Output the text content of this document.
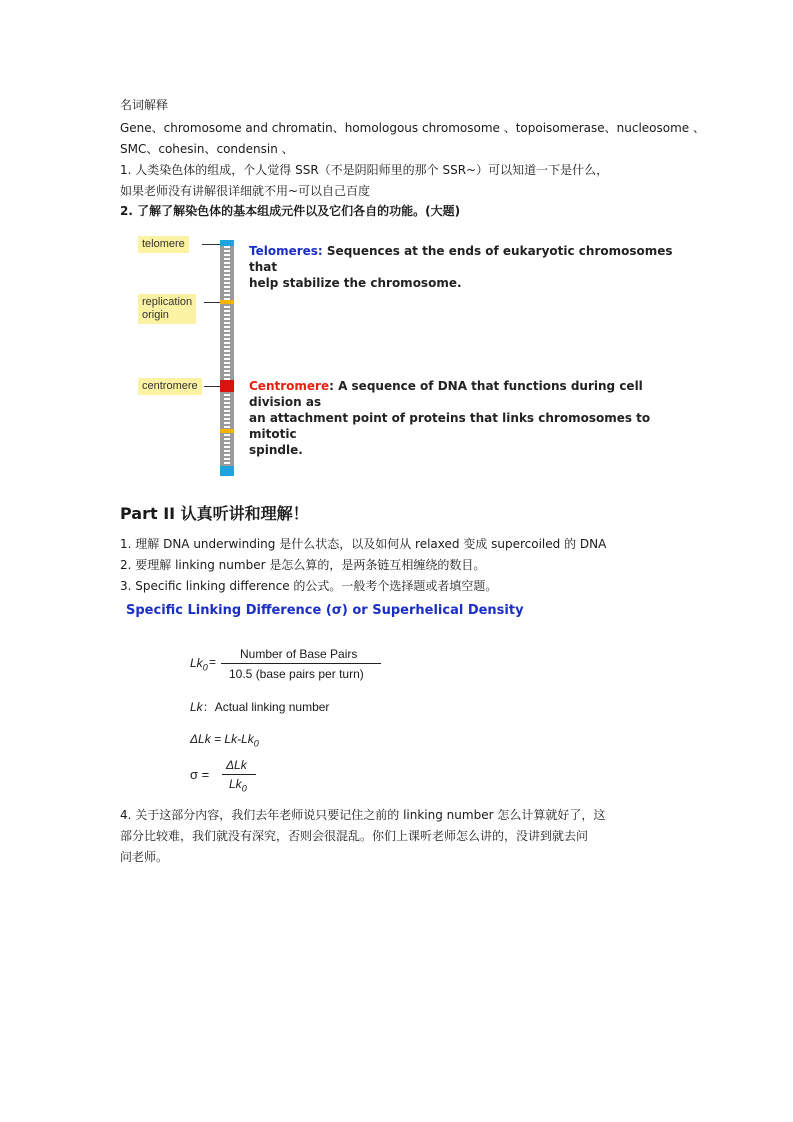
名词解释
Gene、chromosome and chromatin、homologous chromosome 、topoisomerase、nucleosome 、
SMC、cohesin、condensin 、
1. 人类染色体的组成，个人觉得 SSR（不是阴阳师里的那个 SSR~）可以知道一下是什么，
如果老师没有讲解很详细就不用~可以自己百度
2. 了解了解染色体的基本组成元件以及它们各自的功能。(大题)
telomere
replication
origin
centromere
Telomeres: Sequences at the ends of eukaryotic chromosomes that
help stabilize the chromosome.
Centromere: A sequence of DNA that functions during cell division as
an attachment point of proteins that links chromosomes to mitotic
spindle.
Part II 认真听讲和理解！
1. 理解 DNA underwinding 是什么状态，以及如何从 relaxed 变成 supercoiled 的 DNA
2. 要理解 linking number 是怎么算的，是两条链互相缠绕的数目。
3. Specific linking difference 的公式。一般考个选择题或者填空题。
Specific Linking Difference (σ) or Superhelical Density
$Lk_0$ =
Number of Base Pairs
10.5 (base pairs per turn)
Lk：Actual linking number
$\Delta Lk = Lk-Lk_0$
σ =
ΔLk
$Lk_0$
4. 关于这部分内容，我们去年老师说只要记住之前的 linking number 怎么计算就好了，这
部分比较难，我们就没有深究，否则会很混乱。你们上课听老师怎么讲的，没讲到就去问
问老师。
